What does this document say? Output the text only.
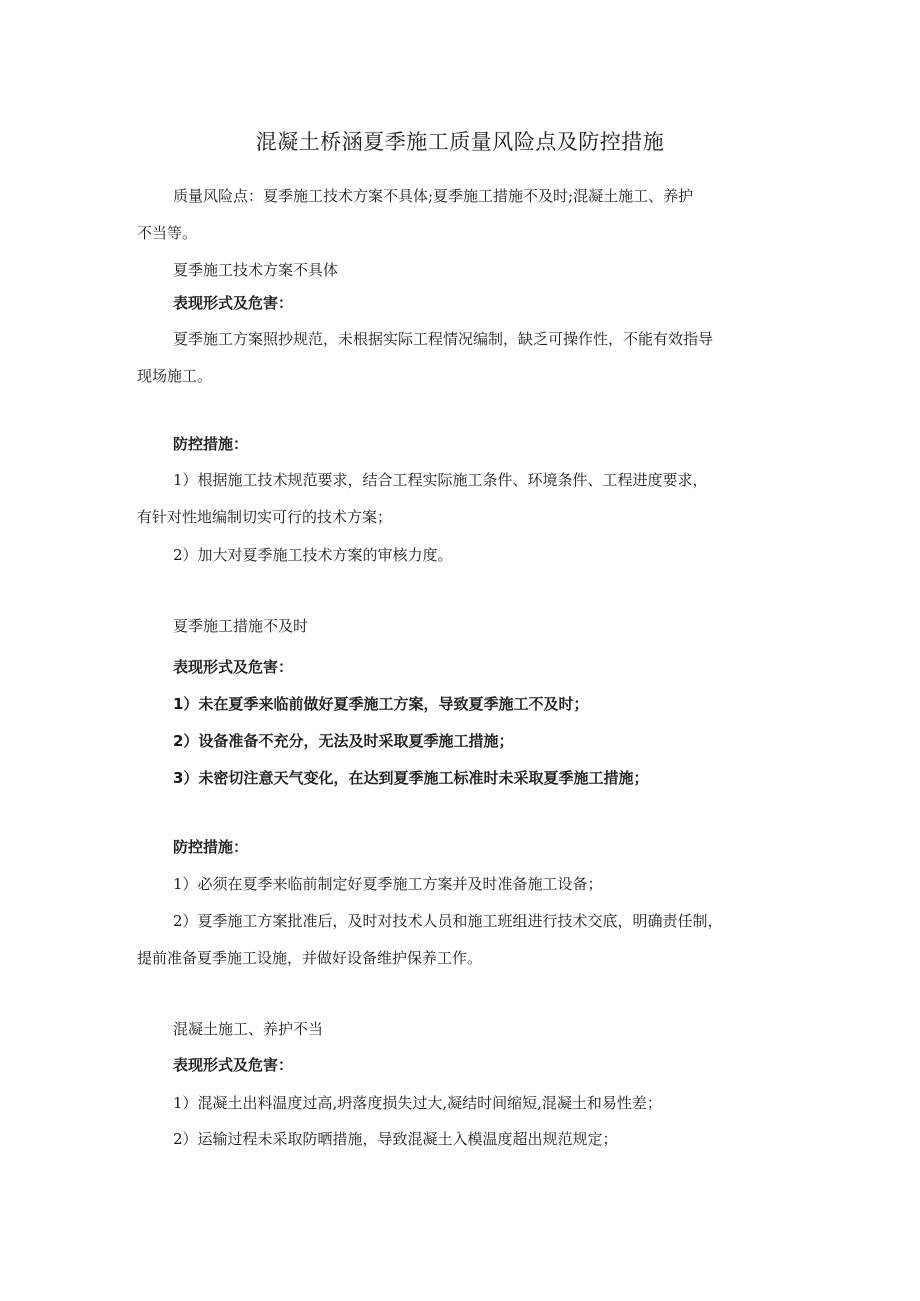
混凝土桥涵夏季施工质量风险点及防控措施

质量风险点：夏季施工技术方案不具体;夏季施工措施不及时;混凝土施工、养护

不当等。

夏季施工技术方案不具体

表现形式及危害：

夏季施工方案照抄规范，未根据实际工程情况编制，缺乏可操作性，不能有效指导

现场施工。

防控措施：

1）根据施工技术规范要求，结合工程实际施工条件、环境条件、工程进度要求，

有针对性地编制切实可行的技术方案；

2）加大对夏季施工技术方案的审核力度。

夏季施工措施不及时

表现形式及危害：

1）未在夏季来临前做好夏季施工方案，导致夏季施工不及时；

2）设备准备不充分，无法及时采取夏季施工措施；

3）未密切注意天气变化，在达到夏季施工标准时未采取夏季施工措施；

防控措施：

1）必须在夏季来临前制定好夏季施工方案并及时准备施工设备；

2）夏季施工方案批准后，及时对技术人员和施工班组进行技术交底，明确责任制，

提前准备夏季施工设施，并做好设备维护保养工作。

混凝土施工、养护不当

表现形式及危害：

1）混凝土出料温度过高,坍落度损失过大,凝结时间缩短,混凝土和易性差；

2）运输过程未采取防晒措施，导致混凝土入模温度超出规范规定；
